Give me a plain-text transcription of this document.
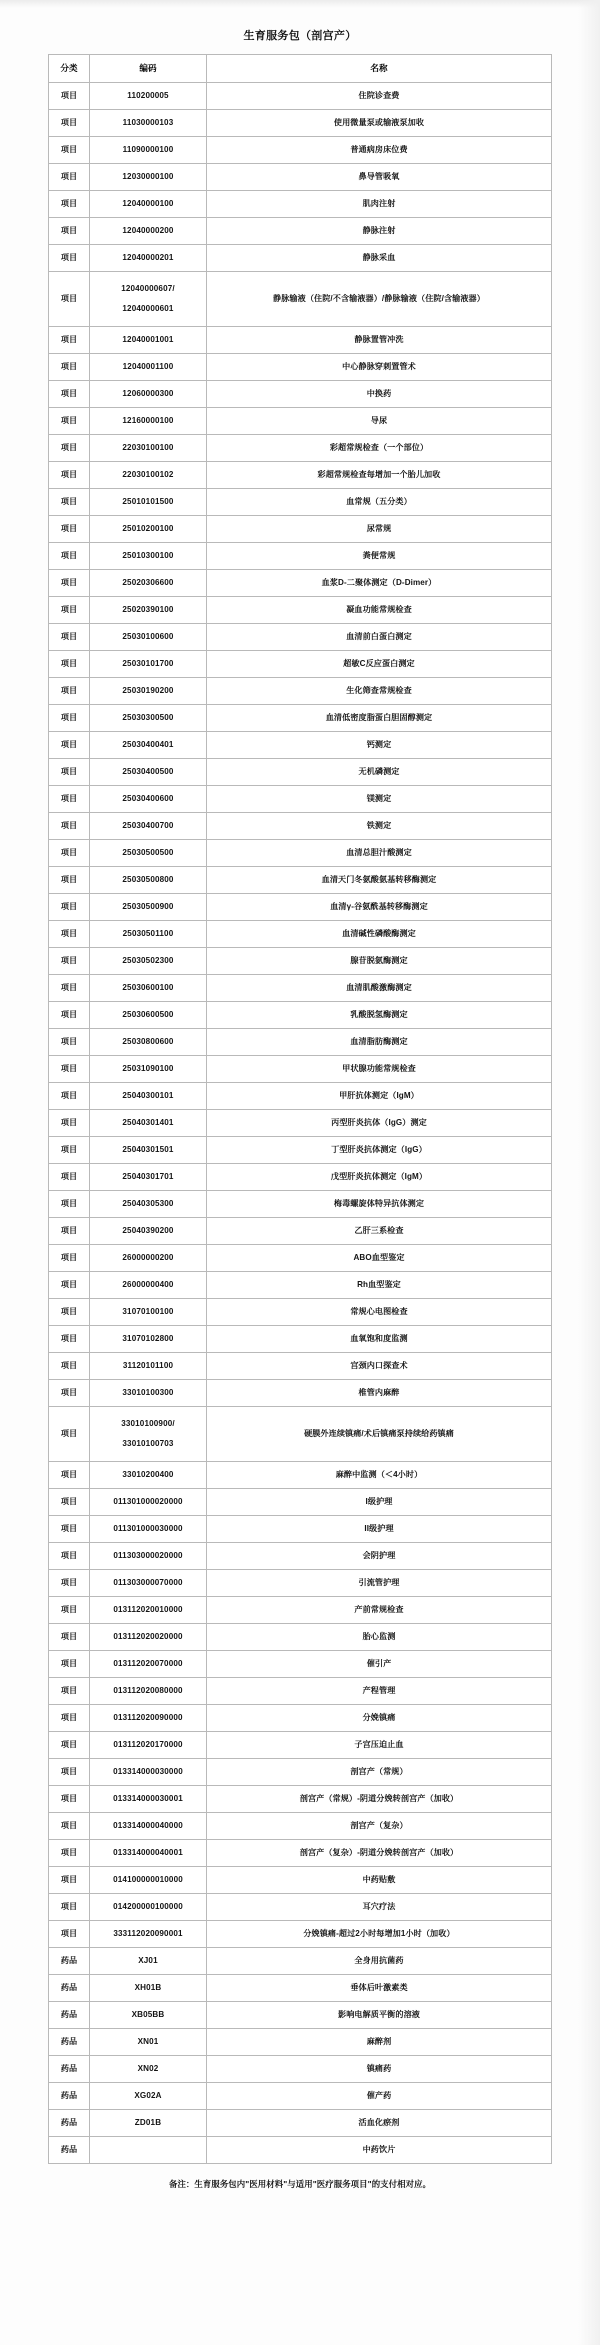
生育服务包（剖宫产）
分类	编码	名称
项目	110200005	住院诊查费
项目	11030000103	使用微量泵或输液泵加收
项目	11090000100	普通病房床位费
项目	12030000100	鼻导管吸氧
项目	12040000100	肌肉注射
项目	12040000200	静脉注射
项目	12040000201	静脉采血
项目	12040000607/
12040000601	静脉输液（住院/不含输液器）/静脉输液（住院/含输液器）
项目	12040001001	静脉置管冲洗
项目	12040001100	中心静脉穿刺置管术
项目	12060000300	中换药
项目	12160000100	导尿
项目	22030100100	彩超常规检查（一个部位）
项目	22030100102	彩超常规检查每增加一个胎儿加收
项目	25010101500	血常规（五分类）
项目	25010200100	尿常规
项目	25010300100	粪便常规
项目	25020306600	血浆D-二聚体测定（D-Dimer）
项目	25020390100	凝血功能常规检查
项目	25030100600	血清前白蛋白测定
项目	25030101700	超敏C反应蛋白测定
项目	25030190200	生化筛查常规检查
项目	25030300500	血清低密度脂蛋白胆固醇测定
项目	25030400401	钙测定
项目	25030400500	无机磷测定
项目	25030400600	镁测定
项目	25030400700	铁测定
项目	25030500500	血清总胆汁酸测定
项目	25030500800	血清天门冬氨酸氨基转移酶测定
项目	25030500900	血清γ-谷氨酰基转移酶测定
项目	25030501100	血清碱性磷酸酶测定
项目	25030502300	腺苷脱氨酶测定
项目	25030600100	血清肌酸激酶测定
项目	25030600500	乳酸脱氢酶测定
项目	25030800600	血清脂肪酶测定
项目	25031090100	甲状腺功能常规检查
项目	25040300101	甲肝抗体测定（IgM）
项目	25040301401	丙型肝炎抗体（IgG）测定
项目	25040301501	丁型肝炎抗体测定（IgG）
项目	25040301701	戊型肝炎抗体测定（IgM）
项目	25040305300	梅毒螺旋体特异抗体测定
项目	25040390200	乙肝三系检查
项目	26000000200	ABO血型鉴定
项目	26000000400	Rh血型鉴定
项目	31070100100	常规心电图检查
项目	31070102800	血氧饱和度监测
项目	31120101100	宫颈内口探查术
项目	33010100300	椎管内麻醉
项目	33010100900/
33010100703	硬膜外连续镇痛/术后镇痛泵持续给药镇痛
项目	33010200400	麻醉中监测（＜4小时）
项目	011301000020000	I级护理
项目	011301000030000	II级护理
项目	011303000020000	会阴护理
项目	011303000070000	引流管护理
项目	013112020010000	产前常规检查
项目	013112020020000	胎心监测
项目	013112020070000	催引产
项目	013112020080000	产程管理
项目	013112020090000	分娩镇痛
项目	013112020170000	子宫压迫止血
项目	013314000030000	剖宫产（常规）
项目	013314000030001	剖宫产（常规）-阴道分娩转剖宫产（加收）
项目	013314000040000	剖宫产（复杂）
项目	013314000040001	剖宫产（复杂）-阴道分娩转剖宫产（加收）
项目	014100000010000	中药贴敷
项目	014200000100000	耳穴疗法
项目	333112020090001	分娩镇痛-超过2小时每增加1小时（加收）
药品	XJ01	全身用抗菌药
药品	XH01B	垂体后叶激素类
药品	XB05BB	影响电解质平衡的溶液
药品	XN01	麻醉剂
药品	XN02	镇痛药
药品	XG02A	催产药
药品	ZD01B	活血化瘀剂
药品		中药饮片
备注：生育服务包内"医用材料"与适用"医疗服务项目"的支付相对应。
